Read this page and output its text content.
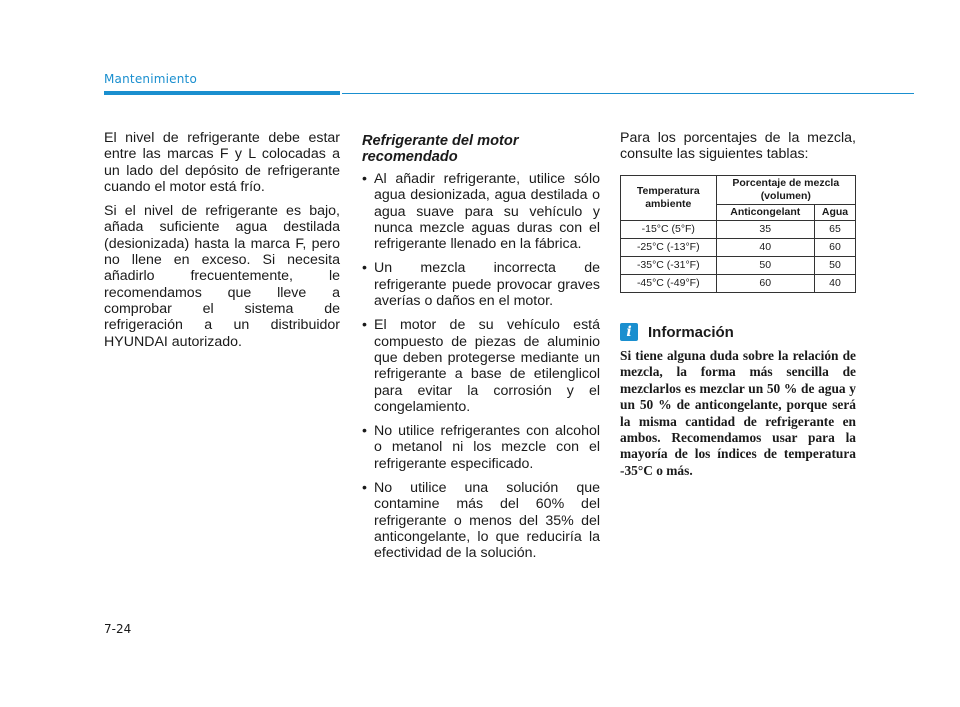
Mantenimiento

El nivel de refrigerante debe estar entre las marcas F y L colocadas a un lado del depósito de refrigerante cuando el motor está frío.

Si el nivel de refrigerante es bajo, añada suficiente agua destilada (desionizada) hasta la marca F, pero no llene en exceso. Si necesita añadirlo frecuentemente, le recomendamos que lleve a comprobar el sistema de refrigeración a un distribuidor HYUNDAI autorizado.

Refrigerante del motor recomendado
• Al añadir refrigerante, utilice sólo agua desionizada, agua destilada o agua suave para su vehículo y nunca mezcle aguas duras con el refrigerante llenado en la fábrica.
• Un mezcla incorrecta de refrigerante puede provocar graves averías o daños en el motor.
• El motor de su vehículo está compuesto de piezas de aluminio que deben protegerse mediante un refrigerante a base de etilenglicol para evitar la corrosión y el congelamiento.
• No utilice refrigerantes con alcohol o metanol ni los mezcle con el refrigerante especificado.
• No utilice una solución que contamine más del 60% del refrigerante o menos del 35% del anticongelante, lo que reduciría la efectividad de la solución.

Para los porcentajes de la mezcla, consulte las siguientes tablas:

Temperatura ambiente	Porcentaje de mezcla (volumen)	
	Anticongelant	Agua
-15°C (5°F)	35	65
-25°C (-13°F)	40	60
-35°C (-31°F)	50	50
-45°C (-49°F)	60	40
i	Información

Si tiene alguna duda sobre la relación de mezcla, la forma más sencilla de mezclarlos es mezclar un 50 % de agua y un 50 % de anticongelante, porque será la misma cantidad de refrigerante en ambos. Recomendamos usar para la mayoría de los índices de temperatura -35°C o más.

7-24
